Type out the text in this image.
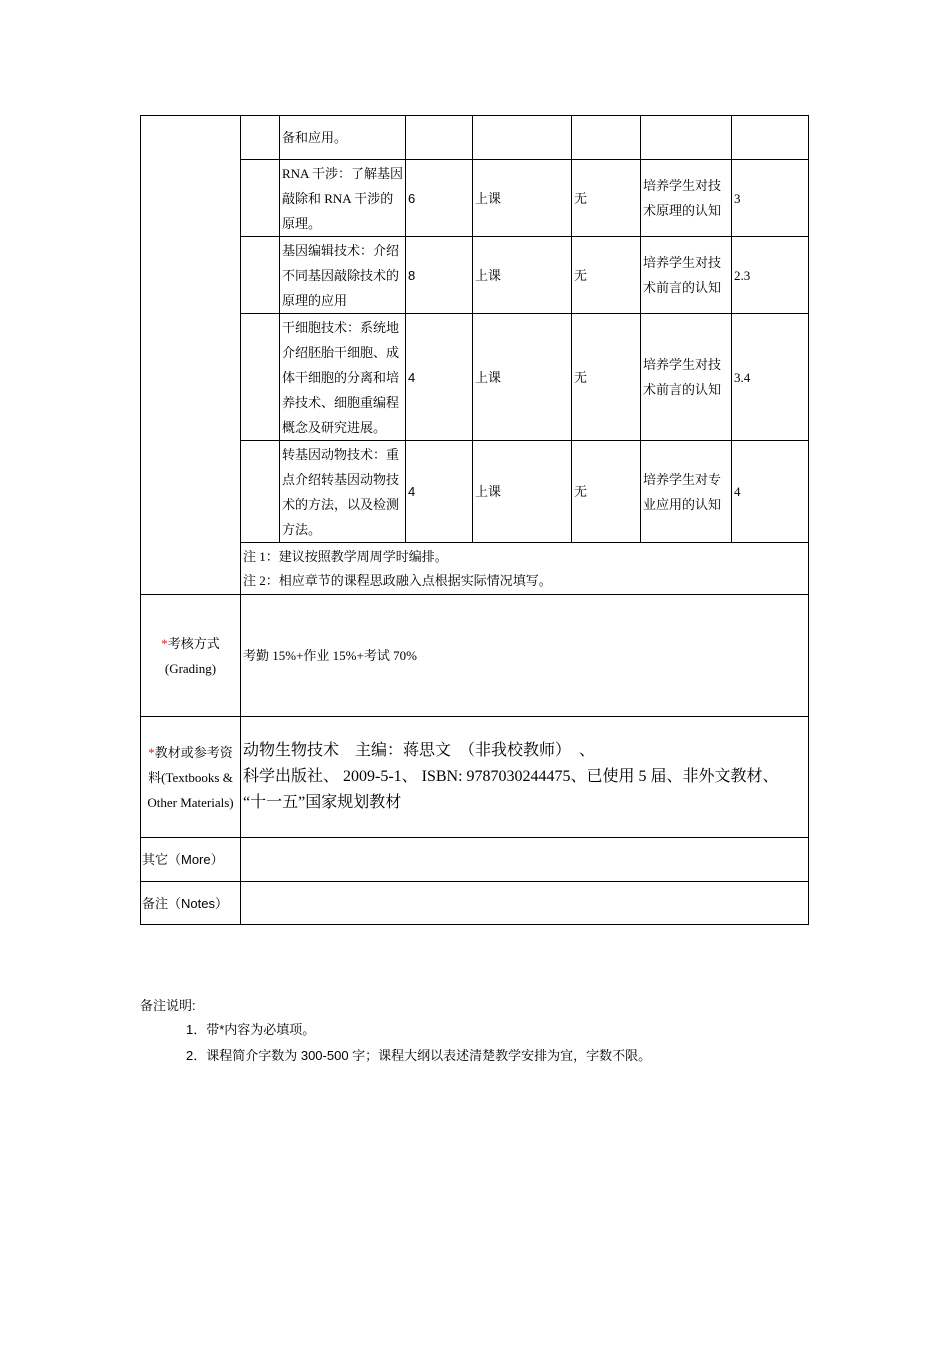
		备和应用。					

		RNA 干涉：了解基因敲除和 RNA 干涉的原理。	6	上课	无	培养学生对技术原理的认知	3

		基因编辑技术：介绍不同基因敲除技术的原理的应用	8	上课	无	培养学生对技术前言的认知	2.3

		干细胞技术：系统地介绍胚胎干细胞、成体干细胞的分离和培养技术、细胞重编程概念及研究进展。	4	上课	无	培养学生对技术前言的认知	3.4

		转基因动物技术：重点介绍转基因动物技术的方法，以及检测方法。	4	上课	无	培养学生对专业应用的认知	4

	注 1：建议按照教学周周学时编排。
注 2：相应章节的课程思政融入点根据实际情况填写。						

*考核方式
(Grading)	考勤 15%+作业 15%+考试 70%						

*教材或参考资料(Textbooks & Other Materials)	动物生物技术　主编：蒋思文　（非我校教师）　、
科学出版社、 2009-5-1、 ISBN: 9787030244475、已使用 5 届、非外文教材、
“十一五”国家规划教材						

其它（More）							
备注（Notes）							
备注说明:
1．带*内容为必填项。
2．课程简介字数为 300-500 字；课程大纲以表述清楚教学安排为宜，字数不限。
